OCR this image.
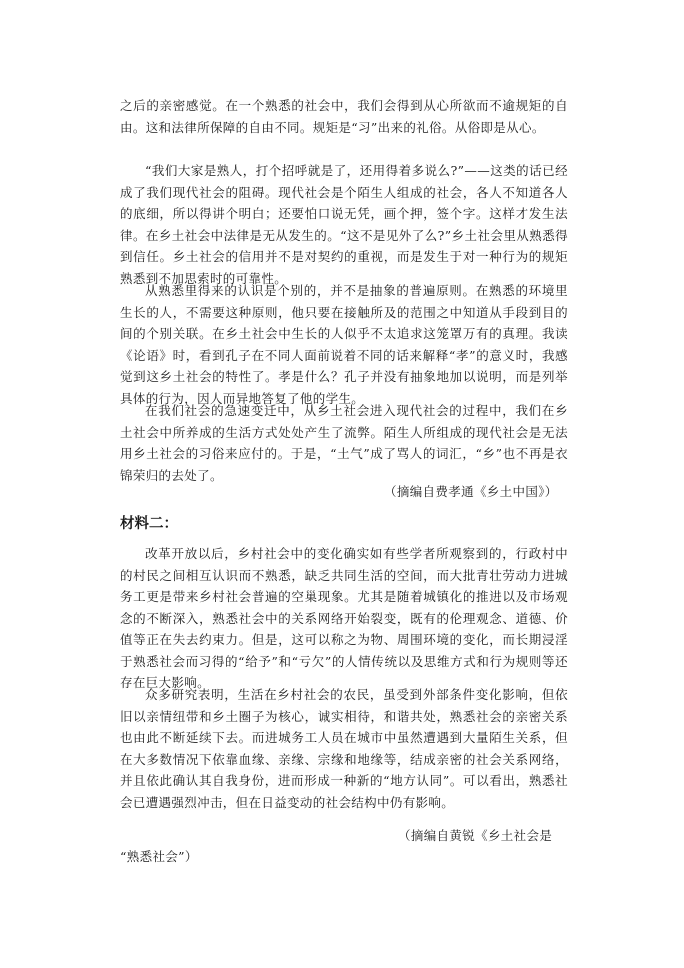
之后的亲密感觉。在一个熟悉的社会中，我们会得到从心所欲而不逾规矩的自由。这和法律所保障的自由不同。规矩是“习”出来的礼俗。从俗即是从心。
“我们大家是熟人，打个招呼就是了，还用得着多说么?”——这类的话已经成了我们现代社会的阻碍。现代社会是个陌生人组成的社会，各人不知道各人的底细，所以得讲个明白；还要怕口说无凭，画个押，签个字。这样才发生法律。在乡土社会中法律是无从发生的。“这不是见外了么?”乡土社会里从熟悉得到信任。乡土社会的信用并不是对契约的重视，而是发生于对一种行为的规矩熟悉到不加思索时的可靠性。
从熟悉里得来的认识是个别的，并不是抽象的普遍原则。在熟悉的环境里生长的人，不需要这种原则，他只要在接触所及的范围之中知道从手段到目的间的个别关联。在乡土社会中生长的人似乎不太追求这笼罩万有的真理。我读《论语》时，看到孔子在不同人面前说着不同的话来解释“孝”的意义时，我感觉到这乡土社会的特性了。孝是什么？孔子并没有抽象地加以说明，而是列举具体的行为，因人而异地答复了他的学生。
在我们社会的急速变迁中，从乡土社会进入现代社会的过程中，我们在乡土社会中所养成的生活方式处处产生了流弊。陌生人所组成的现代社会是无法用乡土社会的习俗来应付的。于是，“土气”成了骂人的词汇，“乡”也不再是衣锦荣归的去处了。
（摘编自费孝通《乡土中国》）
材料二：
改革开放以后，乡村社会中的变化确实如有些学者所观察到的，行政村中的村民之间相互认识而不熟悉，缺乏共同生活的空间，而大批青壮劳动力进城务工更是带来乡村社会普遍的空巢现象。尤其是随着城镇化的推进以及市场观念的不断深入，熟悉社会中的关系网络开始裂变，既有的伦理观念、道德、价值等正在失去约束力。但是，这可以称之为物、周围环境的变化，而长期浸淫于熟悉社会而习得的“给予”和“亏欠”的人情传统以及思维方式和行为规则等还存在巨大影响。
众多研究表明，生活在乡村社会的农民，虽受到外部条件变化影响，但依旧以亲情纽带和乡土圈子为核心，诚实相待，和谐共处，熟悉社会的亲密关系也由此不断延续下去。而进城务工人员在城市中虽然遭遇到大量陌生关系，但在大多数情况下依靠血缘、亲缘、宗缘和地缘等，结成亲密的社会关系网络，并且依此确认其自我身份，进而形成一种新的“地方认同”。可以看出，熟悉社会已遭遇强烈冲击，但在日益变动的社会结构中仍有影响。
（摘编自黄锐《乡土社会是
“熟悉社会”）
